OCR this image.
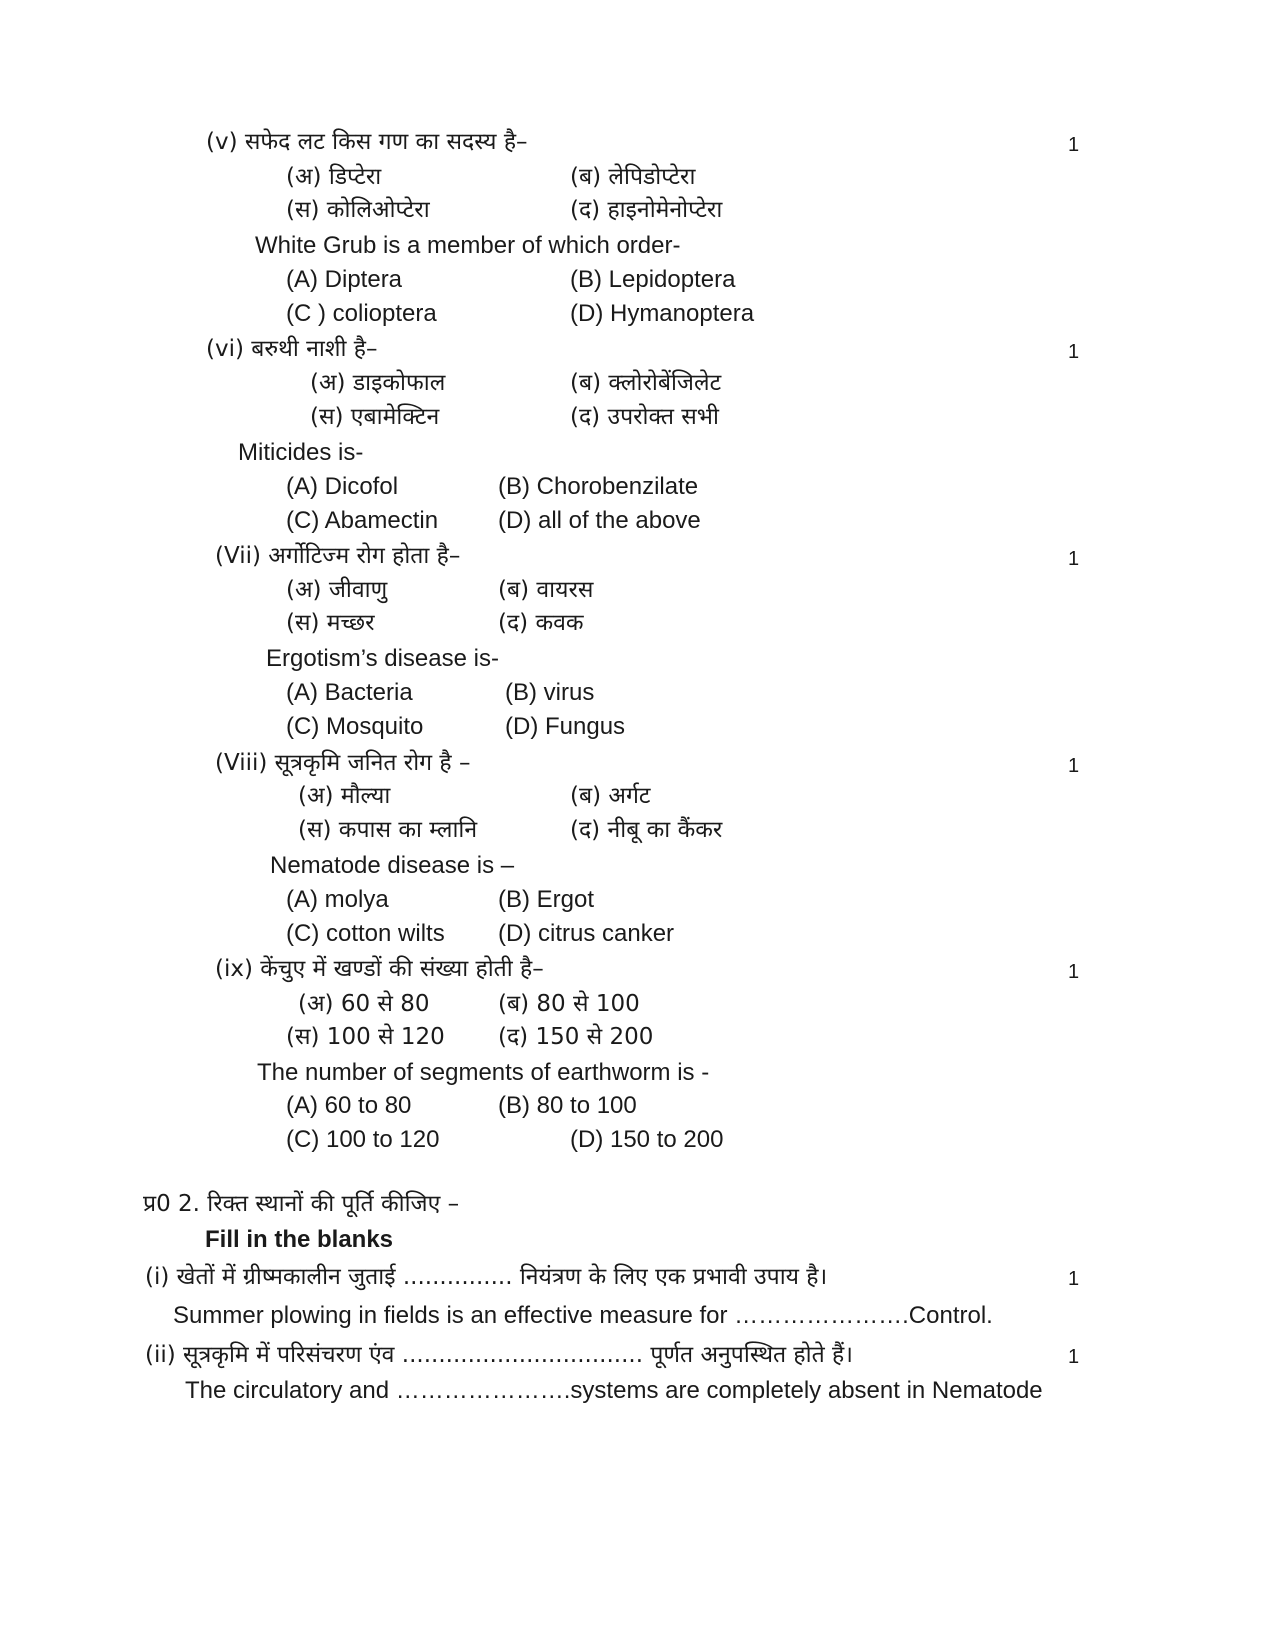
(v) सफेद लट किस गण का सदस्य है–	1
(अ) डिप्टेरा	(ब) लेपिडोप्टेरा
(स) कोलिओप्टेरा	(द) हाइनोमेनोप्टेरा
White Grub is a member of which order-
(A) Diptera	(B) Lepidoptera
(C ) colioptera	(D) Hymanoptera
(vi) बरुथी नाशी है–	1
(अ) डाइकोफाल	(ब) क्लोरोबेंजिलेट
(स) एबामेक्टिन	(द) उपरोक्त सभी
Miticides is-
(A) Dicofol	(B) Chorobenzilate
(C) Abamectin (D) all of the above
(Vii) अर्गोटिज्म रोग होता है–	1
(अ) जीवाणु	(ब) वायरस
(स) मच्छर	(द) कवक
Ergotism’s disease is-
(A) Bacteria	(B) virus
(C) Mosquito	(D) Fungus
(Viii) सूत्रकृमि जनित रोग है –	1
(अ) मौल्या	(ब) अर्गट
(स) कपास का म्लानि	(द) नीबू का कैंकर
Nematode disease is –
(A) molya	(B) Ergot
(C) cotton wilts (D) citrus canker
(ix) केंचुए में खण्डों की संख्या होती है–	1
(अ) 60 से 80	(ब) 80 से 100
(स) 100 से 120 (द) 150 से 200
The number of segments of earthworm is -
(A) 60 to 80	(B) 80 to 100
(C) 100 to 120	(D) 150 to 200
प्र0 2. रिक्त स्थानों की पूर्ति कीजिए –
Fill in the blanks
(i) खेतों में ग्रीष्मकालीन जुताई ............... नियंत्रण के लिए एक प्रभावी उपाय है।	1
Summer plowing in fields is an effective measure for ………………….Control.
(ii) सूत्रकृमि में परिसंचरण एंव ................................. पूर्णत अनुपस्थित होते हैं।	1
The circulatory and ………………….systems are completely absent in Nematode
